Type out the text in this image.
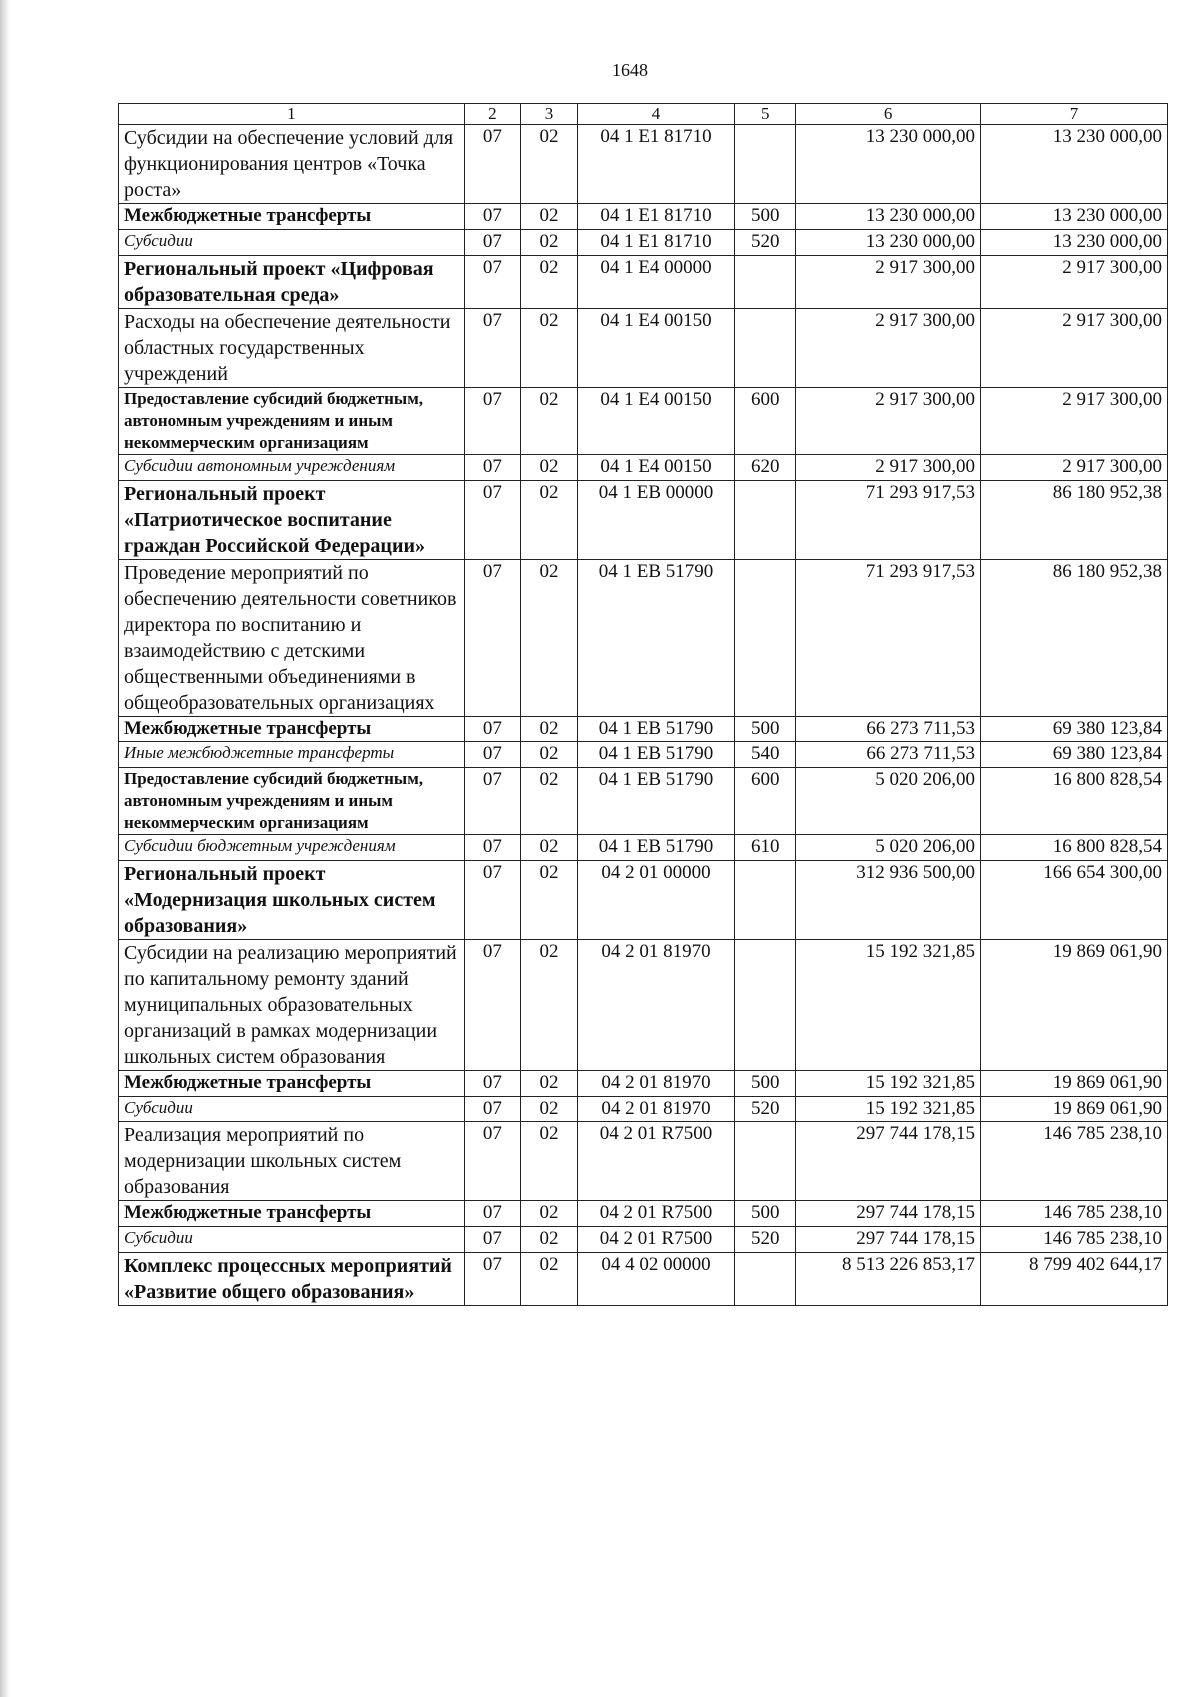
1648
1	2	3	4	5	6	7
Субсидии на обеспечение условий для функционирования центров «Точка роста»	07	02	04 1 E1 81710		13 230 000,00	13 230 000,00
Межбюджетные трансферты	07	02	04 1 E1 81710	500	13 230 000,00	13 230 000,00
Субсидии	07	02	04 1 E1 81710	520	13 230 000,00	13 230 000,00
Региональный проект «Цифровая образовательная среда»	07	02	04 1 E4 00000		2 917 300,00	2 917 300,00
Расходы на обеспечение деятельности областных государственных учреждений	07	02	04 1 E4 00150		2 917 300,00	2 917 300,00
Предоставление субсидий бюджетным, автономным учреждениям и иным некоммерческим организациям	07	02	04 1 E4 00150	600	2 917 300,00	2 917 300,00
Субсидии автономным учреждениям	07	02	04 1 E4 00150	620	2 917 300,00	2 917 300,00
Региональный проект «Патриотическое воспитание граждан Российской Федерации»	07	02	04 1 EB 00000		71 293 917,53	86 180 952,38
Проведение мероприятий по обеспечению деятельности советников директора по воспитанию и взаимодействию с детскими общественными объединениями в общеобразовательных организациях	07	02	04 1 EB 51790		71 293 917,53	86 180 952,38
Межбюджетные трансферты	07	02	04 1 EB 51790	500	66 273 711,53	69 380 123,84
Иные межбюджетные трансферты	07	02	04 1 EB 51790	540	66 273 711,53	69 380 123,84
Предоставление субсидий бюджетным, автономным учреждениям и иным некоммерческим организациям	07	02	04 1 EB 51790	600	5 020 206,00	16 800 828,54
Субсидии бюджетным учреждениям	07	02	04 1 EB 51790	610	5 020 206,00	16 800 828,54
Региональный проект «Модернизация школьных систем образования»	07	02	04 2 01 00000		312 936 500,00	166 654 300,00
Субсидии на реализацию мероприятий по капитальному ремонту зданий муниципальных образовательных организаций в рамках модернизации школьных систем образования	07	02	04 2 01 81970		15 192 321,85	19 869 061,90
Межбюджетные трансферты	07	02	04 2 01 81970	500	15 192 321,85	19 869 061,90
Субсидии	07	02	04 2 01 81970	520	15 192 321,85	19 869 061,90
Реализация мероприятий по модернизации школьных систем образования	07	02	04 2 01 R7500		297 744 178,15	146 785 238,10
Межбюджетные трансферты	07	02	04 2 01 R7500	500	297 744 178,15	146 785 238,10
Субсидии	07	02	04 2 01 R7500	520	297 744 178,15	146 785 238,10
Комплекс процессных мероприятий «Развитие общего образования»	07	02	04 4 02 00000		8 513 226 853,17	8 799 402 644,17
